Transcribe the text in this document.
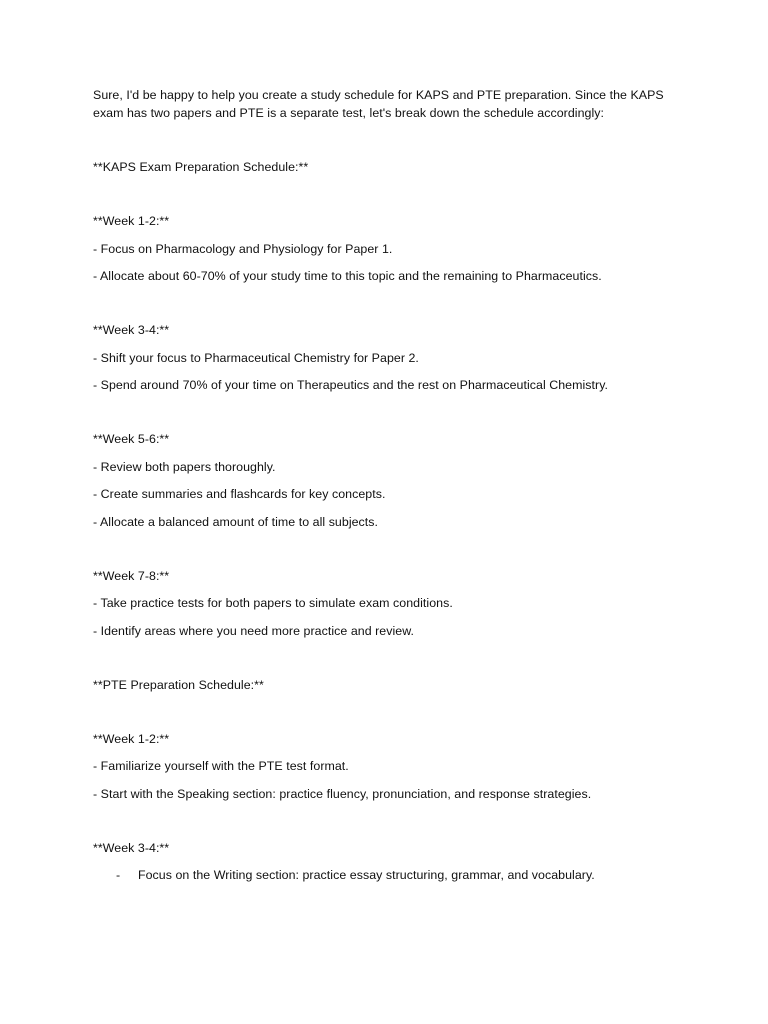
Sure, I'd be happy to help you create a study schedule for KAPS and PTE preparation. Since the KAPS exam has two papers and PTE is a separate test, let's break down the schedule accordingly:

**KAPS Exam Preparation Schedule:**

**Week 1-2:**

- Focus on Pharmacology and Physiology for Paper 1.

- Allocate about 60-70% of your study time to this topic and the remaining to Pharmaceutics.

**Week 3-4:**

- Shift your focus to Pharmaceutical Chemistry for Paper 2.

- Spend around 70% of your time on Therapeutics and the rest on Pharmaceutical Chemistry.

**Week 5-6:**

- Review both papers thoroughly.

- Create summaries and flashcards for key concepts.

- Allocate a balanced amount of time to all subjects.

**Week 7-8:**

- Take practice tests for both papers to simulate exam conditions.

- Identify areas where you need more practice and review.

**PTE Preparation Schedule:**

**Week 1-2:**

- Familiarize yourself with the PTE test format.

- Start with the Speaking section: practice fluency, pronunciation, and response strategies.

**Week 3-4:**

-	Focus on the Writing section: practice essay structuring, grammar, and vocabulary.
